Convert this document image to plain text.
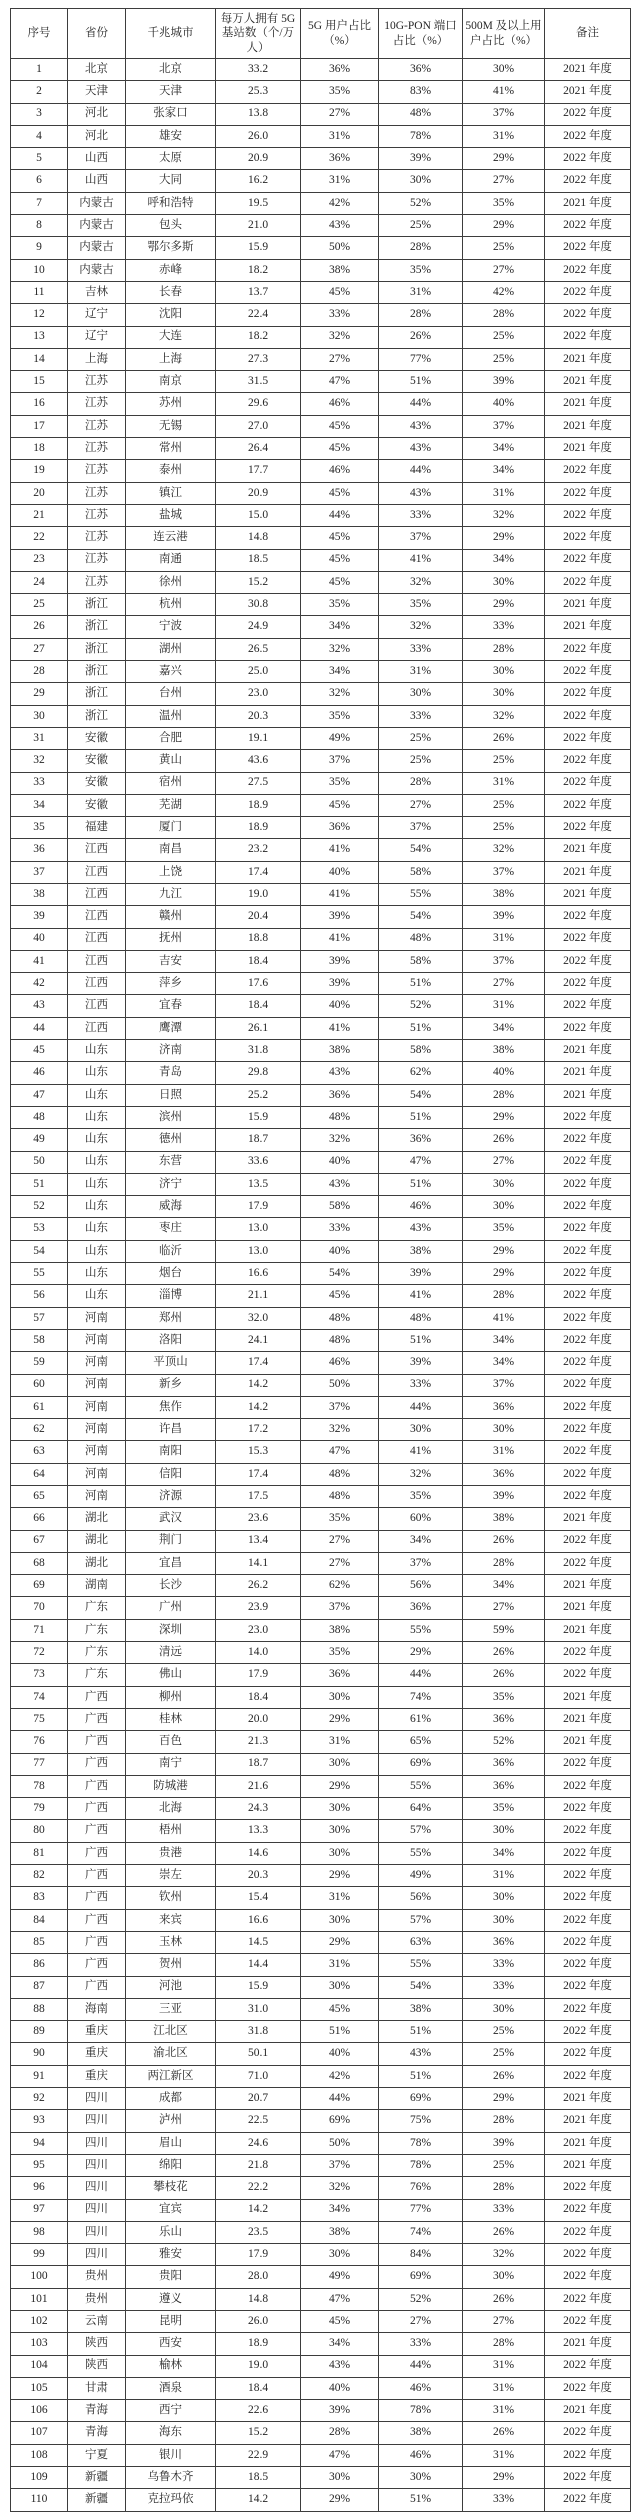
序号	省份	千兆城市	每万人拥有 5G 基站数（个/万人）	5G 用户占比（%）	10G-PON 端口占比（%）	500M 及以上用户占比（%）	备注
1	北京	北京	33.2	36%	36%	30%	2021 年度
2	天津	天津	25.3	35%	83%	41%	2021 年度
3	河北	张家口	13.8	27%	48%	37%	2022 年度
4	河北	雄安	26.0	31%	78%	31%	2022 年度
5	山西	太原	20.9	36%	39%	29%	2022 年度
6	山西	大同	16.2	31%	30%	27%	2022 年度
7	内蒙古	呼和浩特	19.5	42%	52%	35%	2021 年度
8	内蒙古	包头	21.0	43%	25%	29%	2022 年度
9	内蒙古	鄂尔多斯	15.9	50%	28%	25%	2022 年度
10	内蒙古	赤峰	18.2	38%	35%	27%	2022 年度
11	吉林	长春	13.7	45%	31%	42%	2022 年度
12	辽宁	沈阳	22.4	33%	28%	28%	2022 年度
13	辽宁	大连	18.2	32%	26%	25%	2022 年度
14	上海	上海	27.3	27%	77%	25%	2021 年度
15	江苏	南京	31.5	47%	51%	39%	2021 年度
16	江苏	苏州	29.6	46%	44%	40%	2021 年度
17	江苏	无锡	27.0	45%	43%	37%	2021 年度
18	江苏	常州	26.4	45%	43%	34%	2021 年度
19	江苏	泰州	17.7	46%	44%	34%	2022 年度
20	江苏	镇江	20.9	45%	43%	31%	2022 年度
21	江苏	盐城	15.0	44%	33%	32%	2022 年度
22	江苏	连云港	14.8	45%	37%	29%	2022 年度
23	江苏	南通	18.5	45%	41%	34%	2022 年度
24	江苏	徐州	15.2	45%	32%	30%	2022 年度
25	浙江	杭州	30.8	35%	35%	29%	2021 年度
26	浙江	宁波	24.9	34%	32%	33%	2021 年度
27	浙江	湖州	26.5	32%	33%	28%	2022 年度
28	浙江	嘉兴	25.0	34%	31%	30%	2022 年度
29	浙江	台州	23.0	32%	30%	30%	2022 年度
30	浙江	温州	20.3	35%	33%	32%	2022 年度
31	安徽	合肥	19.1	49%	25%	26%	2022 年度
32	安徽	黄山	43.6	37%	25%	25%	2022 年度
33	安徽	宿州	27.5	35%	28%	31%	2022 年度
34	安徽	芜湖	18.9	45%	27%	25%	2022 年度
35	福建	厦门	18.9	36%	37%	25%	2022 年度
36	江西	南昌	23.2	41%	54%	32%	2021 年度
37	江西	上饶	17.4	40%	58%	37%	2021 年度
38	江西	九江	19.0	41%	55%	38%	2021 年度
39	江西	赣州	20.4	39%	54%	39%	2022 年度
40	江西	抚州	18.8	41%	48%	31%	2022 年度
41	江西	吉安	18.4	39%	58%	37%	2022 年度
42	江西	萍乡	17.6	39%	51%	27%	2022 年度
43	江西	宜春	18.4	40%	52%	31%	2022 年度
44	江西	鹰潭	26.1	41%	51%	34%	2022 年度
45	山东	济南	31.8	38%	58%	38%	2021 年度
46	山东	青岛	29.8	43%	62%	40%	2021 年度
47	山东	日照	25.2	36%	54%	28%	2021 年度
48	山东	滨州	15.9	48%	51%	29%	2022 年度
49	山东	德州	18.7	32%	36%	26%	2022 年度
50	山东	东营	33.6	40%	47%	27%	2022 年度
51	山东	济宁	13.5	43%	51%	30%	2022 年度
52	山东	威海	17.9	58%	46%	30%	2022 年度
53	山东	枣庄	13.0	33%	43%	35%	2022 年度
54	山东	临沂	13.0	40%	38%	29%	2022 年度
55	山东	烟台	16.6	54%	39%	29%	2022 年度
56	山东	淄博	21.1	45%	41%	28%	2022 年度
57	河南	郑州	32.0	48%	48%	41%	2022 年度
58	河南	洛阳	24.1	48%	51%	34%	2022 年度
59	河南	平顶山	17.4	46%	39%	34%	2022 年度
60	河南	新乡	14.2	50%	33%	37%	2022 年度
61	河南	焦作	14.2	37%	44%	36%	2022 年度
62	河南	许昌	17.2	32%	30%	30%	2022 年度
63	河南	南阳	15.3	47%	41%	31%	2022 年度
64	河南	信阳	17.4	48%	32%	36%	2022 年度
65	河南	济源	17.5	48%	35%	39%	2022 年度
66	湖北	武汉	23.6	35%	60%	38%	2021 年度
67	湖北	荆门	13.4	27%	34%	26%	2022 年度
68	湖北	宜昌	14.1	27%	37%	28%	2022 年度
69	湖南	长沙	26.2	62%	56%	34%	2021 年度
70	广东	广州	23.9	37%	36%	27%	2021 年度
71	广东	深圳	23.0	38%	55%	59%	2021 年度
72	广东	清远	14.0	35%	29%	26%	2022 年度
73	广东	佛山	17.9	36%	44%	26%	2022 年度
74	广西	柳州	18.4	30%	74%	35%	2021 年度
75	广西	桂林	20.0	29%	61%	36%	2021 年度
76	广西	百色	21.3	31%	65%	52%	2021 年度
77	广西	南宁	18.7	30%	69%	36%	2022 年度
78	广西	防城港	21.6	29%	55%	36%	2022 年度
79	广西	北海	24.3	30%	64%	35%	2022 年度
80	广西	梧州	13.3	30%	57%	30%	2022 年度
81	广西	贵港	14.6	30%	55%	34%	2022 年度
82	广西	崇左	20.3	29%	49%	31%	2022 年度
83	广西	钦州	15.4	31%	56%	30%	2022 年度
84	广西	来宾	16.6	30%	57%	30%	2022 年度
85	广西	玉林	14.5	29%	63%	36%	2022 年度
86	广西	贺州	14.4	31%	55%	33%	2022 年度
87	广西	河池	15.9	30%	54%	33%	2022 年度
88	海南	三亚	31.0	45%	38%	30%	2022 年度
89	重庆	江北区	31.8	51%	51%	25%	2022 年度
90	重庆	渝北区	50.1	40%	43%	25%	2022 年度
91	重庆	两江新区	71.0	42%	51%	26%	2022 年度
92	四川	成都	20.7	44%	69%	29%	2021 年度
93	四川	泸州	22.5	69%	75%	28%	2021 年度
94	四川	眉山	24.6	50%	78%	39%	2021 年度
95	四川	绵阳	21.8	37%	78%	25%	2021 年度
96	四川	攀枝花	22.2	32%	76%	28%	2022 年度
97	四川	宜宾	14.2	34%	77%	33%	2022 年度
98	四川	乐山	23.5	38%	74%	26%	2022 年度
99	四川	雅安	17.9	30%	84%	32%	2022 年度
100	贵州	贵阳	28.0	49%	69%	30%	2022 年度
101	贵州	遵义	14.8	47%	52%	26%	2022 年度
102	云南	昆明	26.0	45%	27%	27%	2022 年度
103	陕西	西安	18.9	34%	33%	28%	2021 年度
104	陕西	榆林	19.0	43%	44%	31%	2022 年度
105	甘肃	酒泉	18.4	40%	46%	31%	2022 年度
106	青海	西宁	22.6	39%	78%	31%	2021 年度
107	青海	海东	15.2	28%	38%	26%	2022 年度
108	宁夏	银川	22.9	47%	46%	31%	2022 年度
109	新疆	乌鲁木齐	18.5	30%	30%	29%	2022 年度
110	新疆	克拉玛依	14.2	29%	51%	33%	2022 年度
